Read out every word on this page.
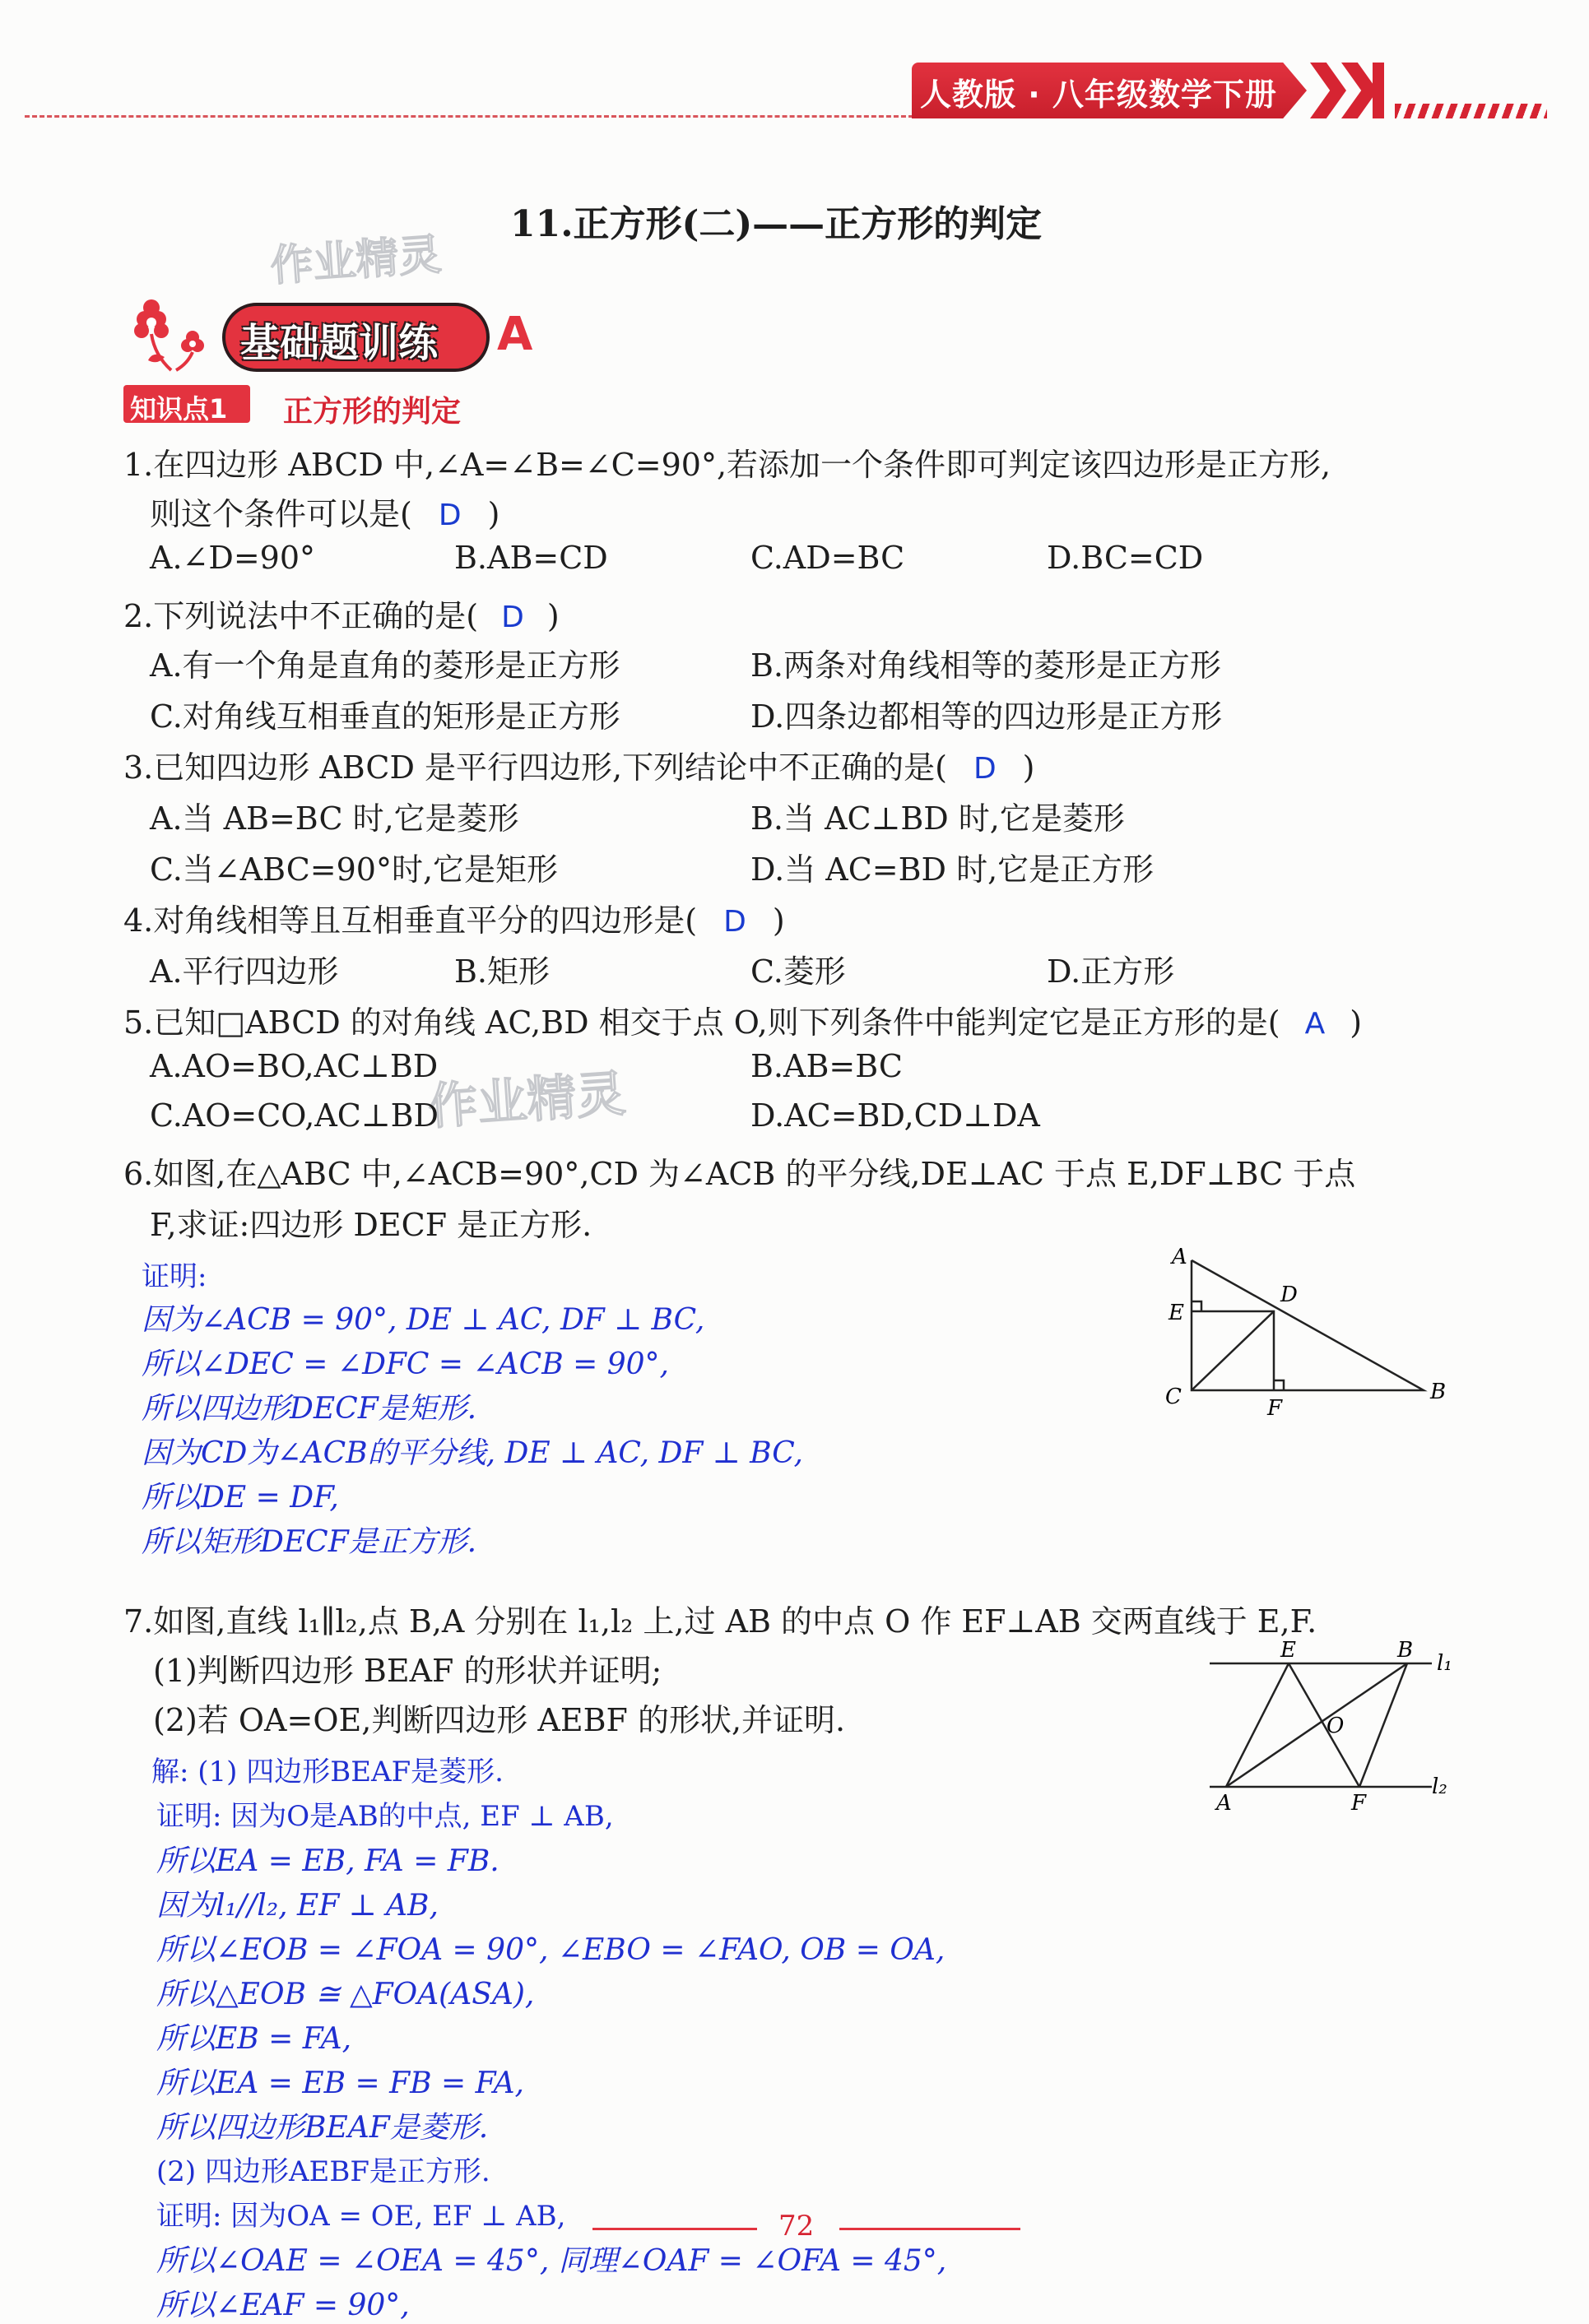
人教版 · 八年级数学下册
11.正方形(二)——正方形的判定
作业精灵
作业精灵
基础题训练 A
知识点1 正方形的判定
1.在四边形 ABCD 中,∠A=∠B=∠C=90°,若添加一个条件即可判定该四边形是正方形,
则这个条件可以是( D )
A.∠D=90°	B.AB=CD	C.AD=BC	D.BC=CD
2.下列说法中不正确的是( D )
A.有一个角是直角的菱形是正方形	B.两条对角线相等的菱形是正方形
C.对角线互相垂直的矩形是正方形	D.四条边都相等的四边形是正方形
3.已知四边形 ABCD 是平行四边形,下列结论中不正确的是( D )
A.当 AB=BC 时,它是菱形	B.当 AC⊥BD 时,它是菱形
C.当∠ABC=90°时,它是矩形	D.当 AC=BD 时,它是正方形
4.对角线相等且互相垂直平分的四边形是( D )
A.平行四边形	B.矩形	C.菱形	D.正方形
5.已知□ABCD 的对角线 AC,BD 相交于点 O,则下列条件中能判定它是正方形的是( A )
A.AO=BO,AC⊥BD	B.AB=BC
C.AO=CO,AC⊥BD	D.AC=BD,CD⊥DA
6.如图,在△ABC 中,∠ACB=90°,CD 为∠ACB 的平分线,DE⊥AC 于点 E,DF⊥BC 于点
F,求证:四边形 DECF 是正方形.
证明:
因为∠ACB = 90°, DE ⊥ AC, DF ⊥ BC,
所以∠DEC = ∠DFC = ∠ACB = 90°,
所以四边形DECF是矩形.
因为CD为∠ACB的平分线, DE ⊥ AC, DF ⊥ BC,
所以DE = DF,
所以矩形DECF是正方形.
A
D
E
C	F
B
7.如图,直线 l₁∥l₂,点 B,A 分别在 l₁,l₂ 上,过 AB 的中点 O 作 EF⊥AB 交两直线于 E,F.
(1)判断四边形 BEAF 的形状并证明;
(2)若 OA=OE,判断四边形 AEBF 的形状,并证明.
解: (1) 四边形BEAF是菱形.
证明: 因为O是AB的中点, EF ⊥ AB,
所以EA = EB, FA = FB.
因为l₁//l₂, EF ⊥ AB,
所以∠EOB = ∠FOA = 90°, ∠EBO = ∠FAO, OB = OA,
所以△EOB ≅ △FOA(ASA),
所以EB = FA,
所以EA = EB = FB = FA,
所以四边形BEAF是菱形.
(2) 四边形AEBF是正方形.
证明: 因为OA = OE, EF ⊥ AB,
所以∠OAE = ∠OEA = 45°, 同理∠OAF = ∠OFA = 45°,
所以∠EAF = 90°,
E	B
l₁
O
A	F
l₂
72
